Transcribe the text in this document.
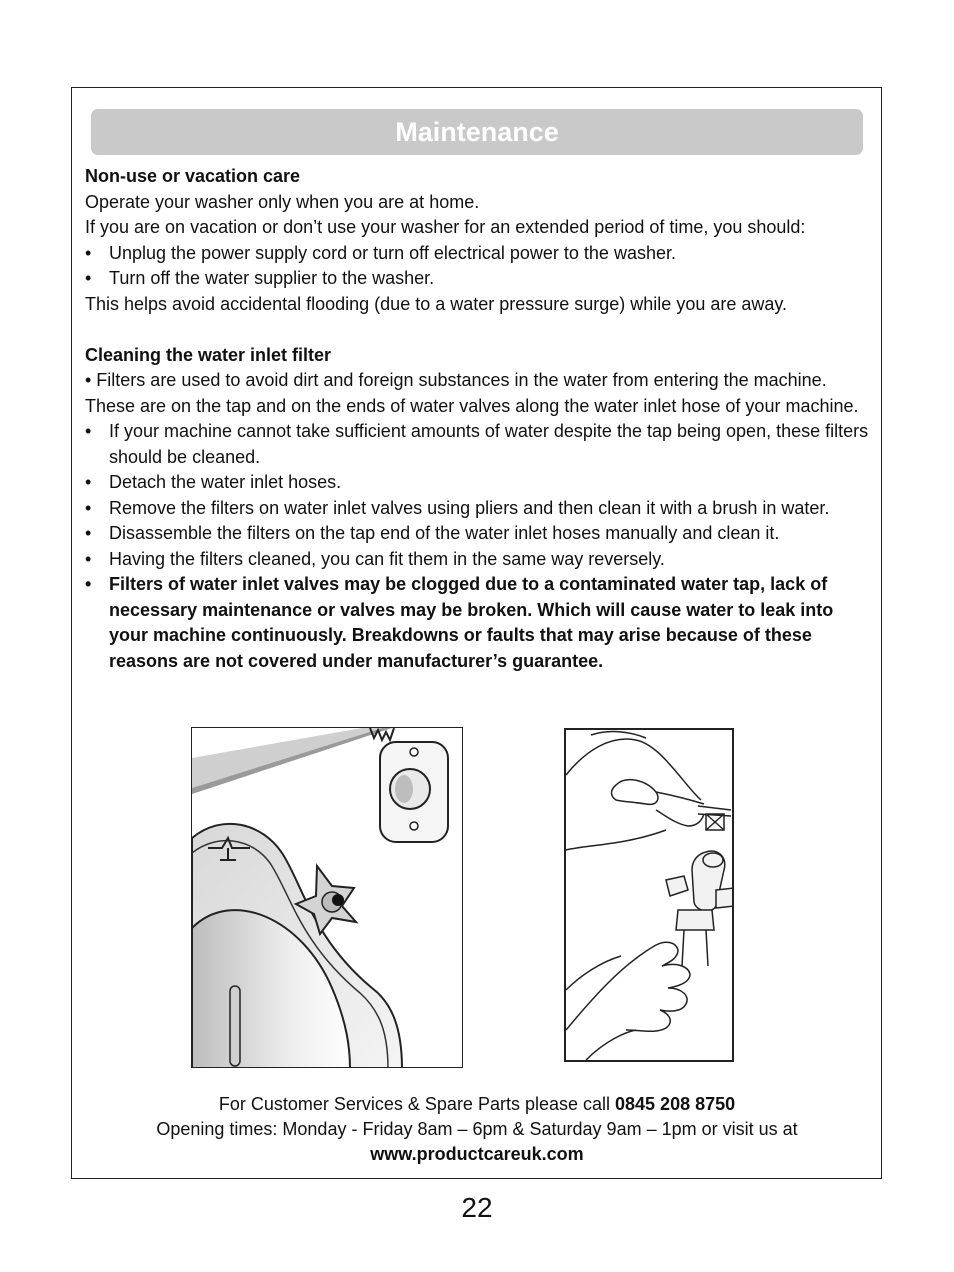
Maintenance

Non-use or vacation care

Operate your washer only when you are at home.

If you are on vacation or don’t use your washer for an extended period of time, you should:

• Unplug the power supply cord or turn off electrical power to the washer.
• Turn off the water supplier to the washer.

This helps avoid accidental flooding (due to a water pressure surge) while you are away.

Cleaning the water inlet filter

• Filters are used to avoid dirt and foreign substances in the water from entering the machine. These are on the tap and on the ends of water valves along the water inlet hose of your machine.

• If your machine cannot take sufficient amounts of water despite the tap being open, these filters should be cleaned.
• Detach the water inlet hoses.
• Remove the filters on water inlet valves using pliers and then clean it with a brush in water.
• Disassemble the filters on the tap end of the water inlet hoses manually and clean it.
• Having the filters cleaned, you can fit them in the same way reversely.
• Filters of water inlet valves may be clogged due to a contaminated water tap, lack of necessary maintenance or valves may be broken. Which will cause water to leak into your machine continuously. Breakdowns or faults that may arise because of these reasons are not covered under manufacturer’s guarantee.

For Customer Services & Spare Parts please call 0845 208 8750

Opening times: Monday - Friday 8am – 6pm & Saturday 9am – 1pm or visit us at

www.productcareuk.com

22
